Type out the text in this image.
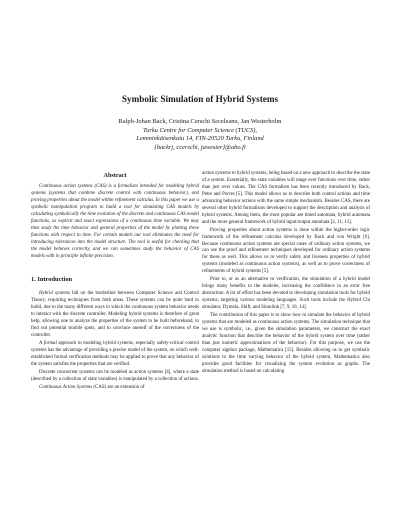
Symbolic Simulation of Hybrid Systems
Ralph-Johan Back, Cristina Cerschi Seceleanu, Jan Westerholm
Turku Centre for Computer Science (TUCS),
Lemminkäisenkatu 14, FIN-20520 Turku, Finland
{backrj, ccerschi, jawester}@abo.fi
Abstract

Continuous action systems (CAS) is a formalism intended for modeling hybrid systems (systems that combine discrete control with continuous behavior), and proving properties about the model within refinement calculus. In this paper we use a symbolic manipulation program to build a tool for simulating CAS models by calculating symbolically the time evolution of the discrete and continuous CAS model functions, as explicit and exact expressions of a continuous time variable. We may then study the time behavior and general properties of the model by plotting these functions with respect to time. For certain models our tool eliminates the need for introducing tolerances into the model structure. The tool is useful for checking that the model behaves correctly, and we can sometimes study the behavior of CAS models with in principle infinite precision.

1. Introduction

Hybrid systems fall on the borderline between Computer Science and Control Theory, requiring techniques from both areas. These systems can be quite hard to build, due to the many different ways in which the continuous system behavior needs to interact with the discrete controller. Modeling hybrid systems is therefore of great help, allowing one to analyze the properties of the system to be built beforehand, to find out potential trouble spots, and to convince oneself of the correctness of the controller.

A formal approach to modeling hybrid systems, especially safety-critical control systems has the advantage of providing a precise model of the system, on which well-established formal verification methods may be applied to prove that any behavior of the system satisfies the properties that are verified.

Discrete concurrent systems can be modeled as action systems [4], where a state (described by a collection of state variables) is manipulated by a collection of actions.

Continuous Action Systems (CAS) are an extension of

action systems to hybrid systems, being based on a new approach to describe the state of a system. Essentially, the state variables will range over functions over time, rather than just over values. The CAS formalism has been recently introduced by Back, Petre and Porres [5]. This model allows us to describe both control actions and time advancing behavior actions with the same simple mechanism. Besides CAS, there are several other hybrid formalisms developed to support the description and analysis of hybrid systems. Among them, the most popular are timed automata, hybrid automata and the more general framework of hybrid input/output automata [2, 11, 13].

Proving properties about action systems is done within the higher-order logic framework of the refinement calculus developed by Back and von Wright [6]. Because continuous action systems are special cases of ordinary action systems, we can use the proof and refinement techniques developed for ordinary action systems for these as well. This allows us to verify safety and liveness properties of hybrid systems (modeled as continuous action systems), as well as to prove correctness of refinements of hybrid systems [5].

Prior to, or as an alternative to verification, the simulation of a hybrid model brings many benefits to the modeler, increasing the confidence in an error free abstraction. A lot of effort has been devoted to developing simulation tools for hybrid systems, targeting various modeling languages. Such tools include the Hybrid Chi simulator, Dymola, Shift, and Simulink [7, 9, 10, 14].

The contribution of this paper is to show how to simulate the behavior of hybrid systems that are modeled as continuous action systems. The simulation technique that we use is symbolic, i.e., given the simulation parameters, we construct the exact analytic function that describe the behavior of the hybrid system over time (rather than just numeric approximations of the behavior). For this purpose, we use the computer algebra package, Mathematica [15]. Besides allowing us to get symbolic solutions to the time varying behavior of the hybrid system, Mathematica also provides good facilities for visualizing the system evolution as graphs. The simulation method is based on calculating
